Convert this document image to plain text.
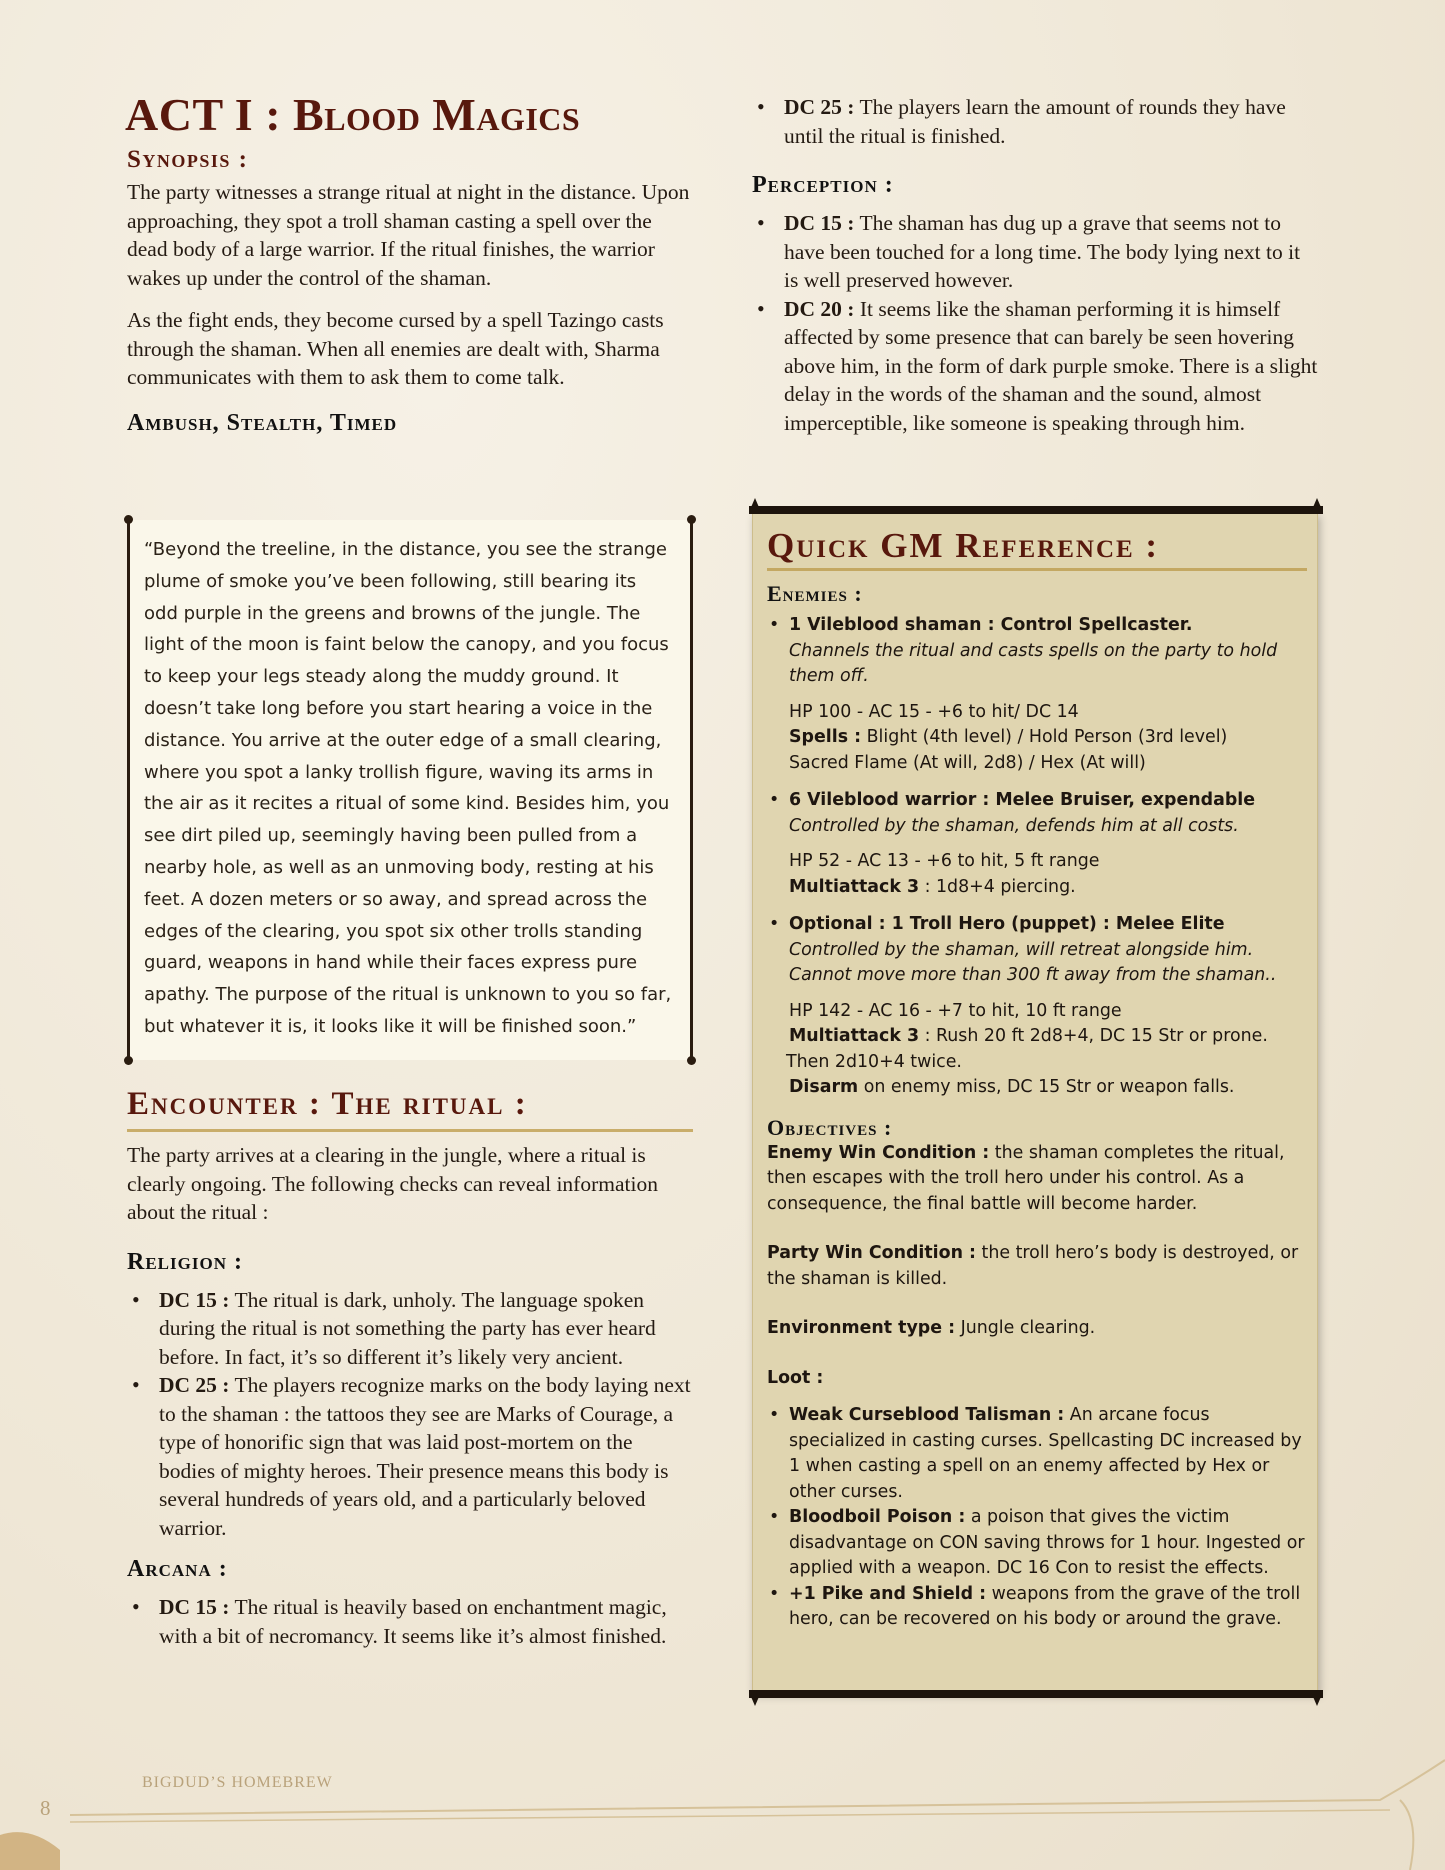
ACT I : Blood Magics
Synopsis :

The party witnesses a strange ritual at night in the distance. Upon approaching, they spot a troll shaman casting a spell over the dead body of a large warrior. If the ritual finishes, the warrior wakes up under the control of the shaman.

As the fight ends, they become cursed by a spell Tazingo casts through the shaman. When all enemies are dealt with, Sharma communicates with them to ask them to come talk.

Ambush, Stealth, Timed
“Beyond the treeline, in the distance, you see the strange plume of smoke you’ve been following, still bearing its odd purple in the greens and browns of the jungle. The light of the moon is faint below the canopy, and you focus to keep your legs steady along the muddy ground. It doesn’t take long before you start hearing a voice in the distance. You arrive at the outer edge of a small clearing, where you spot a lanky trollish figure, waving its arms in the air as it recites a ritual of some kind. Besides him, you see dirt piled up, seemingly having been pulled from a nearby hole, as well as an unmoving body, resting at his feet. A dozen meters or so away, and spread across the edges of the clearing, you spot six other trolls standing guard, weapons in hand while their faces express pure apathy. The purpose of the ritual is unknown to you so far, but whatever it is, it looks like it will be finished soon.”
Encounter : The ritual :

The party arrives at a clearing in the jungle, where a ritual is clearly ongoing. The following checks can reveal information about the ritual :

Religion :
• DC 15 : The ritual is dark, unholy. The language spoken during the ritual is not something the party has ever heard before. In fact, it’s so different it’s likely very ancient.
• DC 25 : The players recognize marks on the body laying next to the shaman : the tattoos they see are Marks of Courage, a type of honorific sign that was laid post-mortem on the bodies of mighty heroes. Their presence means this body is several hundreds of years old, and a particularly beloved warrior.
Arcana :
• DC 15 : The ritual is heavily based on enchantment magic, with a bit of necromancy. It seems like it’s almost finished.
• DC 25 : The players learn the amount of rounds they have until the ritual is finished.
Perception :
• DC 15 : The shaman has dug up a grave that seems not to have been touched for a long time. The body lying next to it is well preserved however.
• DC 20 : It seems like the shaman performing it is himself affected by some presence that can barely be seen hovering above him, in the form of dark purple smoke. There is a slight delay in the words of the shaman and the sound, almost imperceptible, like someone is speaking through him.
Quick GM Reference :
Enemies :
• 1 Vileblood shaman : Control Spellcaster.
Channels the ritual and casts spells on the party to hold them off.
HP 100 - AC 15 - +6 to hit/ DC 14
Spells : Blight (4th level) / Hold Person (3rd level)
Sacred Flame (At will, 2d8) / Hex (At will)
• 6 Vileblood warrior : Melee Bruiser, expendable
Controlled by the shaman, defends him at all costs.
HP 52 - AC 13 - +6 to hit, 5 ft range
Multiattack 3 : 1d8+4 piercing.
• Optional : 1 Troll Hero (puppet) : Melee Elite
Controlled by the shaman, will retreat alongside him. Cannot move more than 300 ft away from the shaman..
HP 142 - AC 16 - +7 to hit, 10 ft range
Multiattack 3 : Rush 20 ft 2d8+4, DC 15 Str or prone.
Then 2d10+4 twice.
Disarm on enemy miss, DC 15 Str or weapon falls.
Objectives :
Enemy Win Condition : the shaman completes the ritual, then escapes with the troll hero under his control. As a consequence, the final battle will become harder.
Party Win Condition : the troll hero’s body is destroyed, or the shaman is killed.
Environment type : Jungle clearing.
Loot :
• Weak Curseblood Talisman : An arcane focus specialized in casting curses. Spellcasting DC increased by 1 when casting a spell on an enemy affected by Hex or other curses.
• Bloodboil Poison : a poison that gives the victim disadvantage on CON saving throws for 1 hour. Ingested or applied with a weapon. DC 16 Con to resist the effects.
• +1 Pike and Shield : weapons from the grave of the troll hero, can be recovered on his body or around the grave.
BIGDUD’S HOMEBREW
8
